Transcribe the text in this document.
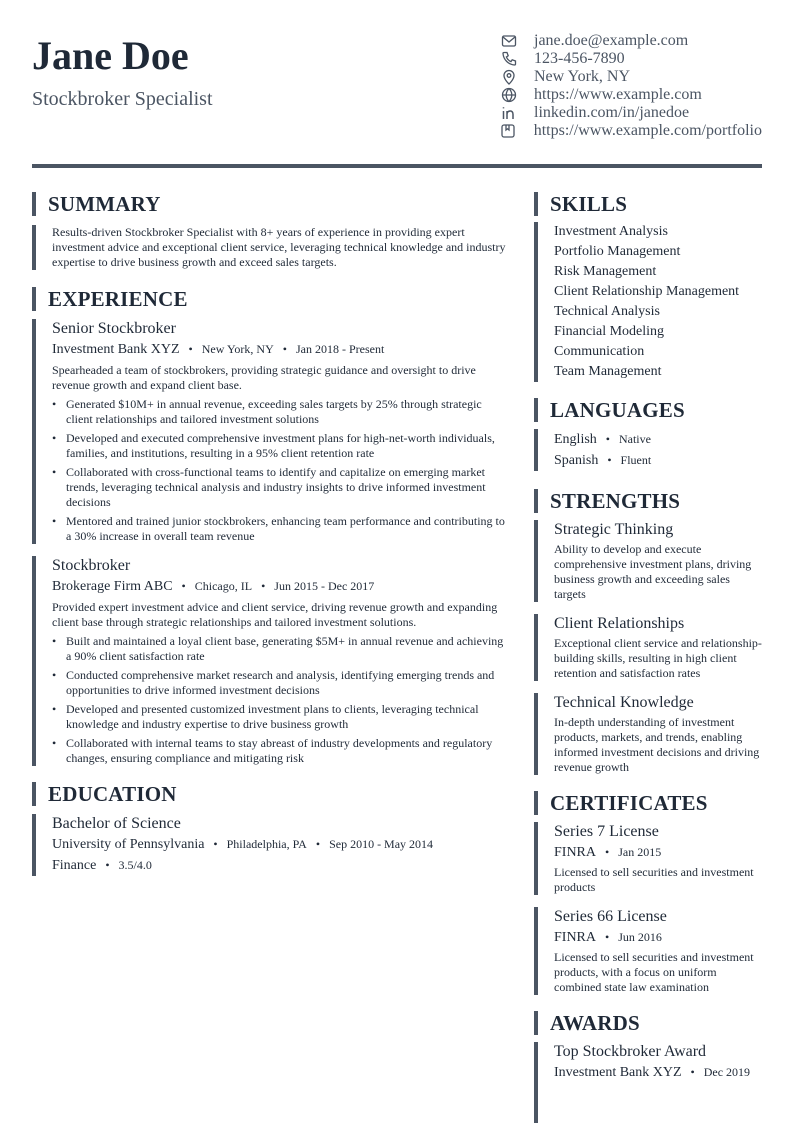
Jane Doe
Stockbroker Specialist
jane.doe@example.com
123-456-7890
New York, NY
https://www.example.com
linkedin.com/in/janedoe
https://www.example.com/portfolio
SUMMARY

Results-driven Stockbroker Specialist with 8+ years of experience in providing expert investment advice and exceptional client service, leveraging technical knowledge and industry expertise to drive business growth and exceed sales targets.

EXPERIENCE
Senior Stockbroker
Investment Bank XYZ • New York, NY • Jan 2018 - Present

Spearheaded a team of stockbrokers, providing strategic guidance and oversight to drive revenue growth and expand client base.

• Generated $10M+ in annual revenue, exceeding sales targets by 25% through strategic client relationships and tailored investment solutions
• Developed and executed comprehensive investment plans for high-net-worth individuals, families, and institutions, resulting in a 95% client retention rate
• Collaborated with cross-functional teams to identify and capitalize on emerging market trends, leveraging technical analysis and industry insights to drive informed investment decisions
• Mentored and trained junior stockbrokers, enhancing team performance and contributing to a 30% increase in overall team revenue
Stockbroker
Brokerage Firm ABC • Chicago, IL • Jun 2015 - Dec 2017

Provided expert investment advice and client service, driving revenue growth and expanding client base through strategic relationships and tailored investment solutions.

• Built and maintained a loyal client base, generating $5M+ in annual revenue and achieving a 90% client satisfaction rate
• Conducted comprehensive market research and analysis, identifying emerging trends and opportunities to drive informed investment decisions
• Developed and presented customized investment plans to clients, leveraging technical knowledge and industry expertise to drive business growth
• Collaborated with internal teams to stay abreast of industry developments and regulatory changes, ensuring compliance and mitigating risk
EDUCATION
Bachelor of Science
University of Pennsylvania • Philadelphia, PA • Sep 2010 - May 2014
Finance • 3.5/4.0
SKILLS
Investment Analysis
Portfolio Management
Risk Management
Client Relationship Management
Technical Analysis
Financial Modeling
Communication
Team Management
LANGUAGES
English • Native
Spanish • Fluent
STRENGTHS
Strategic Thinking
Ability to develop and execute comprehensive investment plans, driving business growth and exceeding sales targets
Client Relationships
Exceptional client service and relationship-building skills, resulting in high client retention and satisfaction rates
Technical Knowledge
In-depth understanding of investment products, markets, and trends, enabling informed investment decisions and driving revenue growth
CERTIFICATES
Series 7 License
FINRA • Jan 2015
Licensed to sell securities and investment products
Series 66 License
FINRA • Jun 2016
Licensed to sell securities and investment products, with a focus on uniform combined state law examination
AWARDS
Top Stockbroker Award
Investment Bank XYZ • Dec 2019
